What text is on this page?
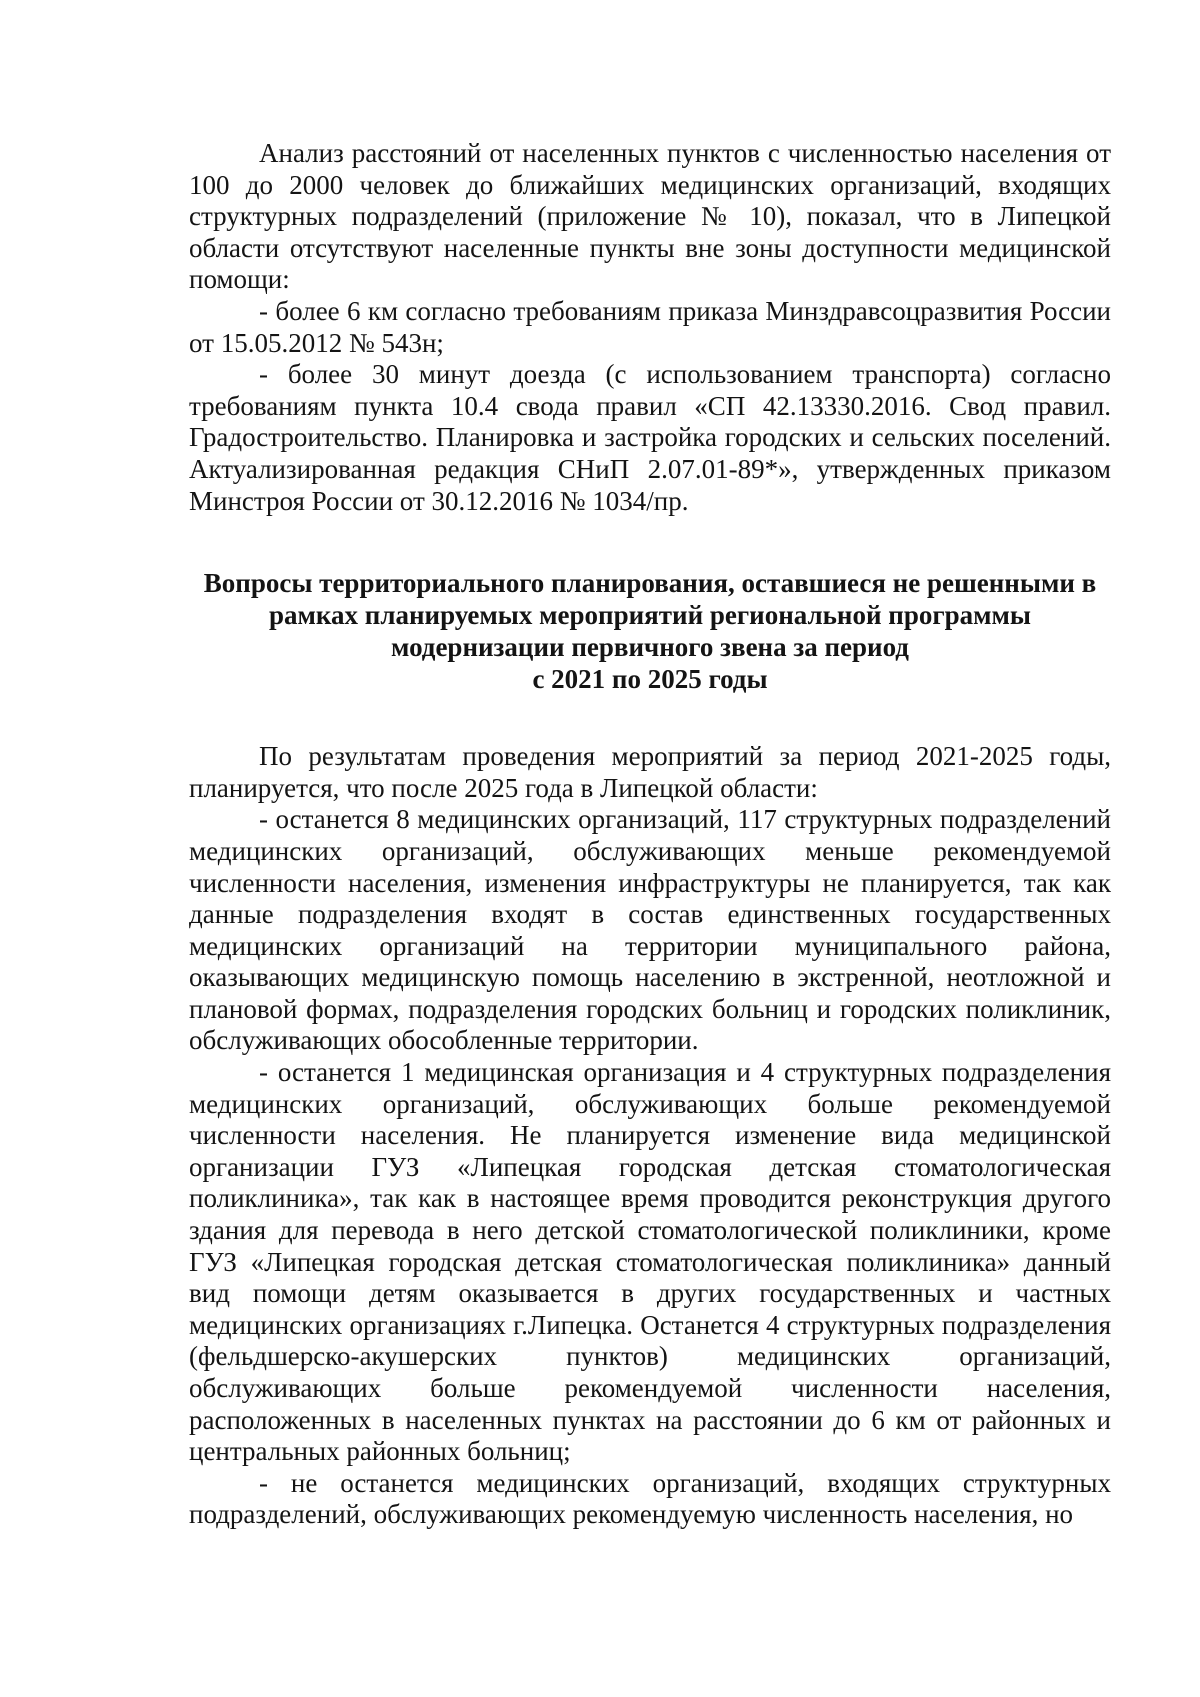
Анализ расстояний от населенных пунктов с численностью населения от 100 до 2000 человек до ближайших медицинских организаций, входящих структурных подразделений (приложение № 10), показал, что в Липецкой области отсутствуют населенные пункты вне зоны доступности медицинской помощи:

- более 6 км согласно требованиям приказа Минздравсоцразвития России от 15.05.2012 № 543н;

- более 30 минут доезда (с использованием транспорта) согласно требованиям пункта 10.4 свода правил «СП 42.13330.2016. Свод правил. Градостроительство. Планировка и застройка городских и сельских поселений. Актуализированная редакция СНиП 2.07.01-89*», утвержденных приказом Минстроя России от 30.12.2016 № 1034/пр.

Вопросы территориального планирования, оставшиеся не решенными в
рамках планируемых мероприятий региональной программы
модернизации первичного звена за период
с 2021 по 2025 годы

По результатам проведения мероприятий за период 2021-2025 годы, планируется, что после 2025 года в Липецкой области:

- останется 8 медицинских организаций, 117 структурных подразделений медицинских организаций, обслуживающих меньше рекомендуемой численности населения, изменения инфраструктуры не планируется, так как данные подразделения входят в состав единственных государственных медицинских организаций на территории муниципального района, оказывающих медицинскую помощь населению в экстренной, неотложной и плановой формах, подразделения городских больниц и городских поликлиник, обслуживающих обособленные территории.

- останется 1 медицинская организация и 4 структурных подразделения медицинских организаций, обслуживающих больше рекомендуемой численности населения. Не планируется изменение вида медицинской организации ГУЗ «Липецкая городская детская стоматологическая поликлиника», так как в настоящее время проводится реконструкция другого здания для перевода в него детской стоматологической поликлиники, кроме ГУЗ «Липецкая городская детская стоматологическая поликлиника» данный вид помощи детям оказывается в других государственных и частных медицинских организациях г.Липецка. Останется 4 структурных подразделения (фельдшерско-акушерских пунктов) медицинских организаций, обслуживающих больше рекомендуемой численности населения, расположенных в населенных пунктах на расстоянии до 6 км от районных и центральных районных больниц;

- не останется медицинских организаций, входящих структурных подразделений, обслуживающих рекомендуемую численность населения, но
